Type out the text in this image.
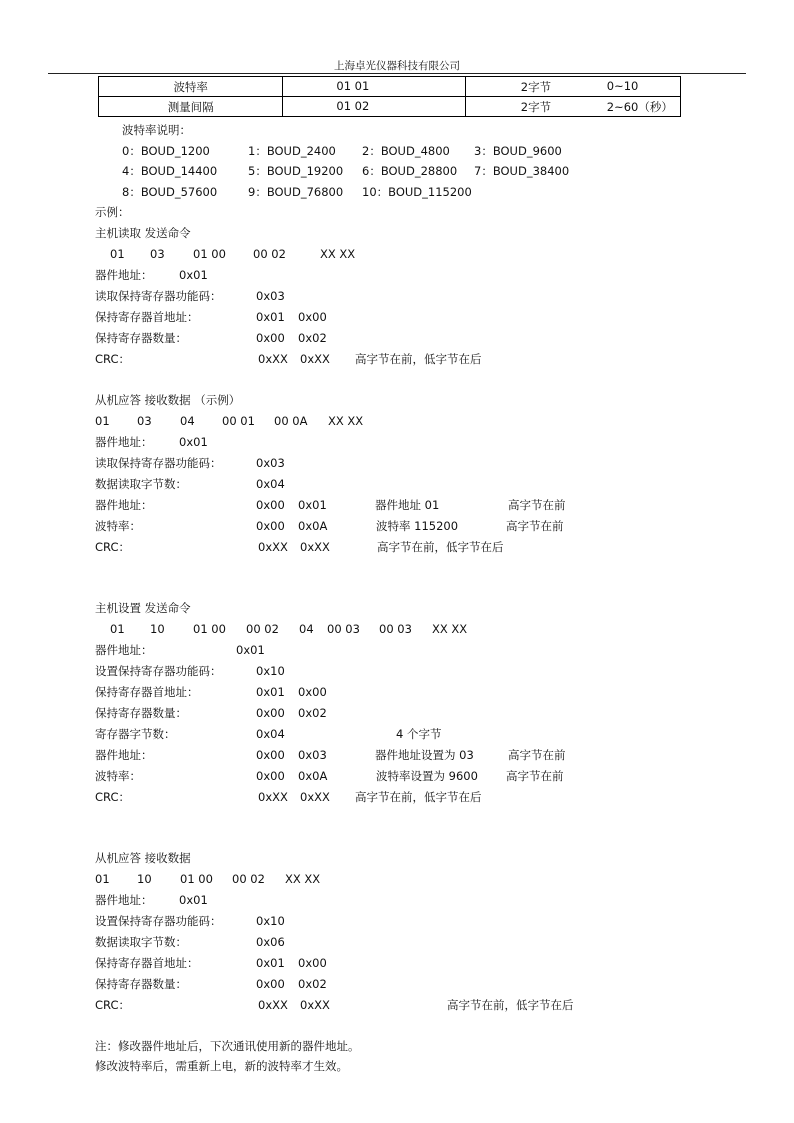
上海卓光仪器科技有限公司
波特率	01 01	2字节 0~10

测量间隔	01 02	2字节 2~60（秒）
波特率说明：
0：BOUD_1200	1：BOUD_2400 2：BOUD_4800 3：BOUD_9600
4：BOUD_14400	5：BOUD_19200 6：BOUD_28800 7：BOUD_38400
8：BOUD_57600	9：BOUD_76800 10：BOUD_115200
示例：
主机读取 发送命令
01 03 01 00 00 02	XX XX
器件地址： 0x01
读取保持寄存器功能码：	0x03
保持寄存器首地址：	0x01 0x00
保持寄存器数量：	0x00 0x02
CRC：	0xXX 0xXX 高字节在前，低字节在后
从机应答 接收数据 （示例）
01 03 04 00 01 00 0A XX XX
器件地址： 0x01
读取保持寄存器功能码：	0x03
数据读取字节数：	0x04
器件地址：	0x00 0x01	器件地址 01	高字节在前
波特率：	0x00 0x0A	波特率 115200	高字节在前
CRC：	0xXX 0xXX	高字节在前，低字节在后
主机设置 发送命令
01 10 01 00 00 02 04 00 03 00 03 XX XX
器件地址：	0x01
设置保持寄存器功能码：	0x10
保持寄存器首地址：	0x01 0x00
保持寄存器数量：	0x00 0x02
寄存器字节数：	0x04	4 个字节
器件地址：	0x00 0x03	器件地址设置为 03	高字节在前
波特率：	0x00 0x0A	波特率设置为 9600 高字节在前
CRC：	0xXX 0xXX 高字节在前，低字节在后
从机应答 接收数据
01 10 01 00 00 02 XX XX
器件地址： 0x01
设置保持寄存器功能码：	0x10
数据读取字节数：	0x06
保持寄存器首地址：	0x01 0x00
保持寄存器数量：	0x00 0x02
CRC：	0xXX 0xXX	高字节在前，低字节在后
注：修改器件地址后，下次通讯使用新的器件地址。
修改波特率后，需重新上电，新的波特率才生效。
